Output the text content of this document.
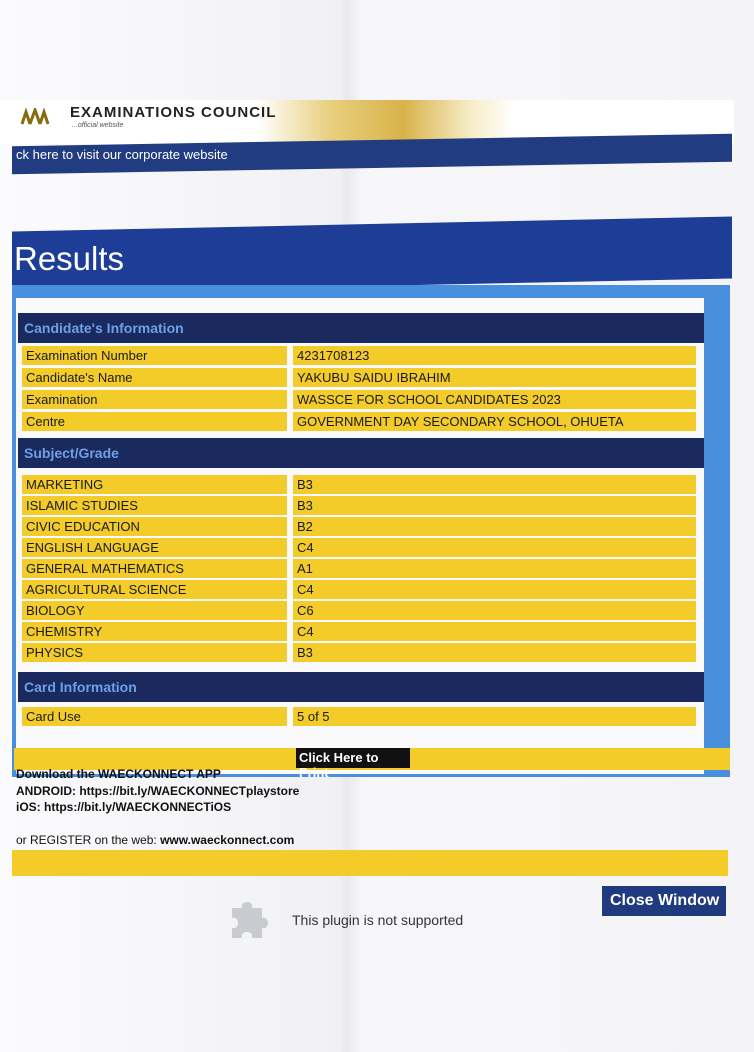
EXAMINATIONS COUNCIL
...official website
ck here to visit our corporate website
Results
Candidate's Information
Examination Number	4231708123
Candidate's Name	YAKUBU SAIDU IBRAHIM
Examination	WASSCE FOR SCHOOL CANDIDATES 2023
Centre	GOVERNMENT DAY SECONDARY SCHOOL, OHUETA
Subject/Grade
MARKETING	B3
ISLAMIC STUDIES	B3
CIVIC EDUCATION	B2
ENGLISH LANGUAGE	C4
GENERAL MATHEMATICS	A1
AGRICULTURAL SCIENCE	C4
BIOLOGY	C6
CHEMISTRY	C4
PHYSICS	B3
Card Information
Card Use	5 of 5
Click Here to Print
Download the WAECKONNECT APP
ANDROID: https://bit.ly/WAECKONNECTplaystore
iOS: https://bit.ly/WAECKONNECTiOS
or REGISTER on the web: www.waeckonnect.com
Close Window
This plugin is not supported
